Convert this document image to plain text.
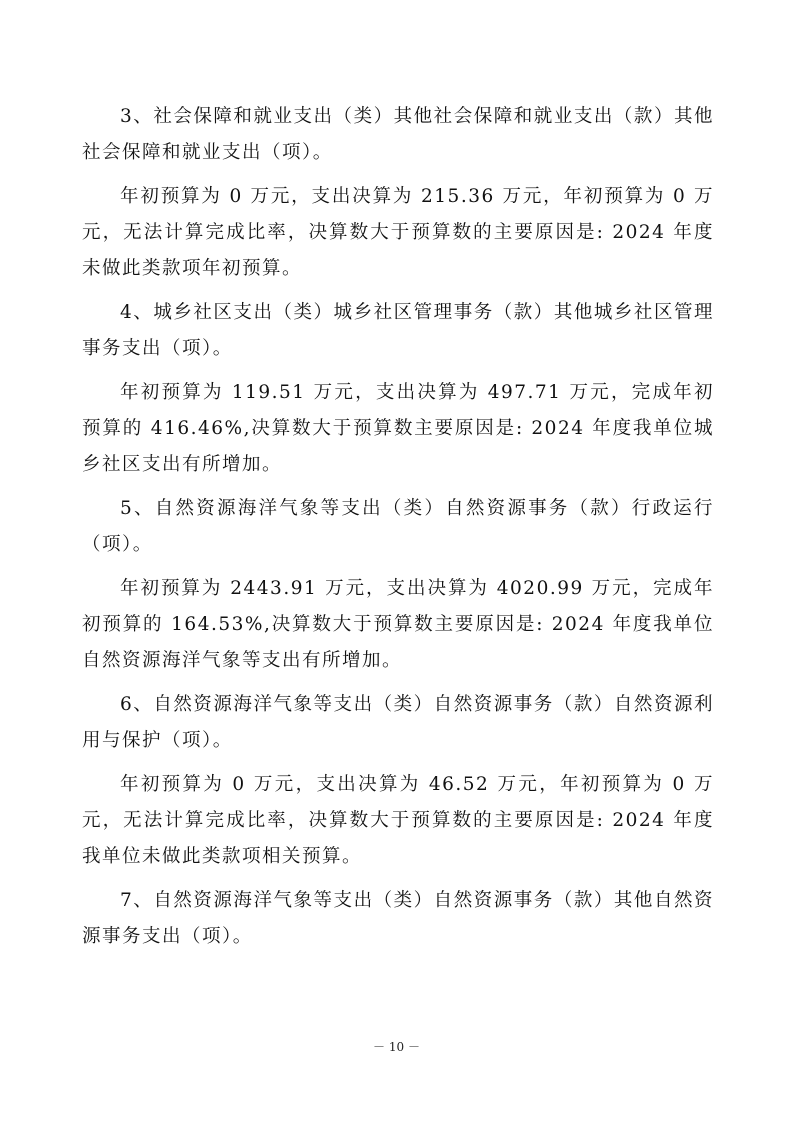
3、社会保障和就业支出（类）其他社会保障和就业支出（款）其他社会保障和就业支出（项）。

年初预算为 0 万元，支出决算为 215.36 万元，年初预算为 0 万元，无法计算完成比率，决算数大于预算数的主要原因是: 2024 年度未做此类款项年初预算。

4、城乡社区支出（类）城乡社区管理事务（款）其他城乡社区管理事务支出（项）。

年初预算为 119.51 万元，支出决算为 497.71 万元，完成年初预算的 416.46%,决算数大于预算数主要原因是: 2024 年度我单位城乡社区支出有所增加。

5、自然资源海洋气象等支出（类）自然资源事务（款）行政运行（项）。

年初预算为 2443.91 万元，支出决算为 4020.99 万元，完成年初预算的 164.53%,决算数大于预算数主要原因是: 2024 年度我单位自然资源海洋气象等支出有所增加。

6、自然资源海洋气象等支出（类）自然资源事务（款）自然资源利用与保护（项）。

年初预算为 0 万元，支出决算为 46.52 万元，年初预算为 0 万元，无法计算完成比率，决算数大于预算数的主要原因是: 2024 年度我单位未做此类款项相关预算。

7、自然资源海洋气象等支出（类）自然资源事务（款）其他自然资源事务支出（项）。

－ 10 －
